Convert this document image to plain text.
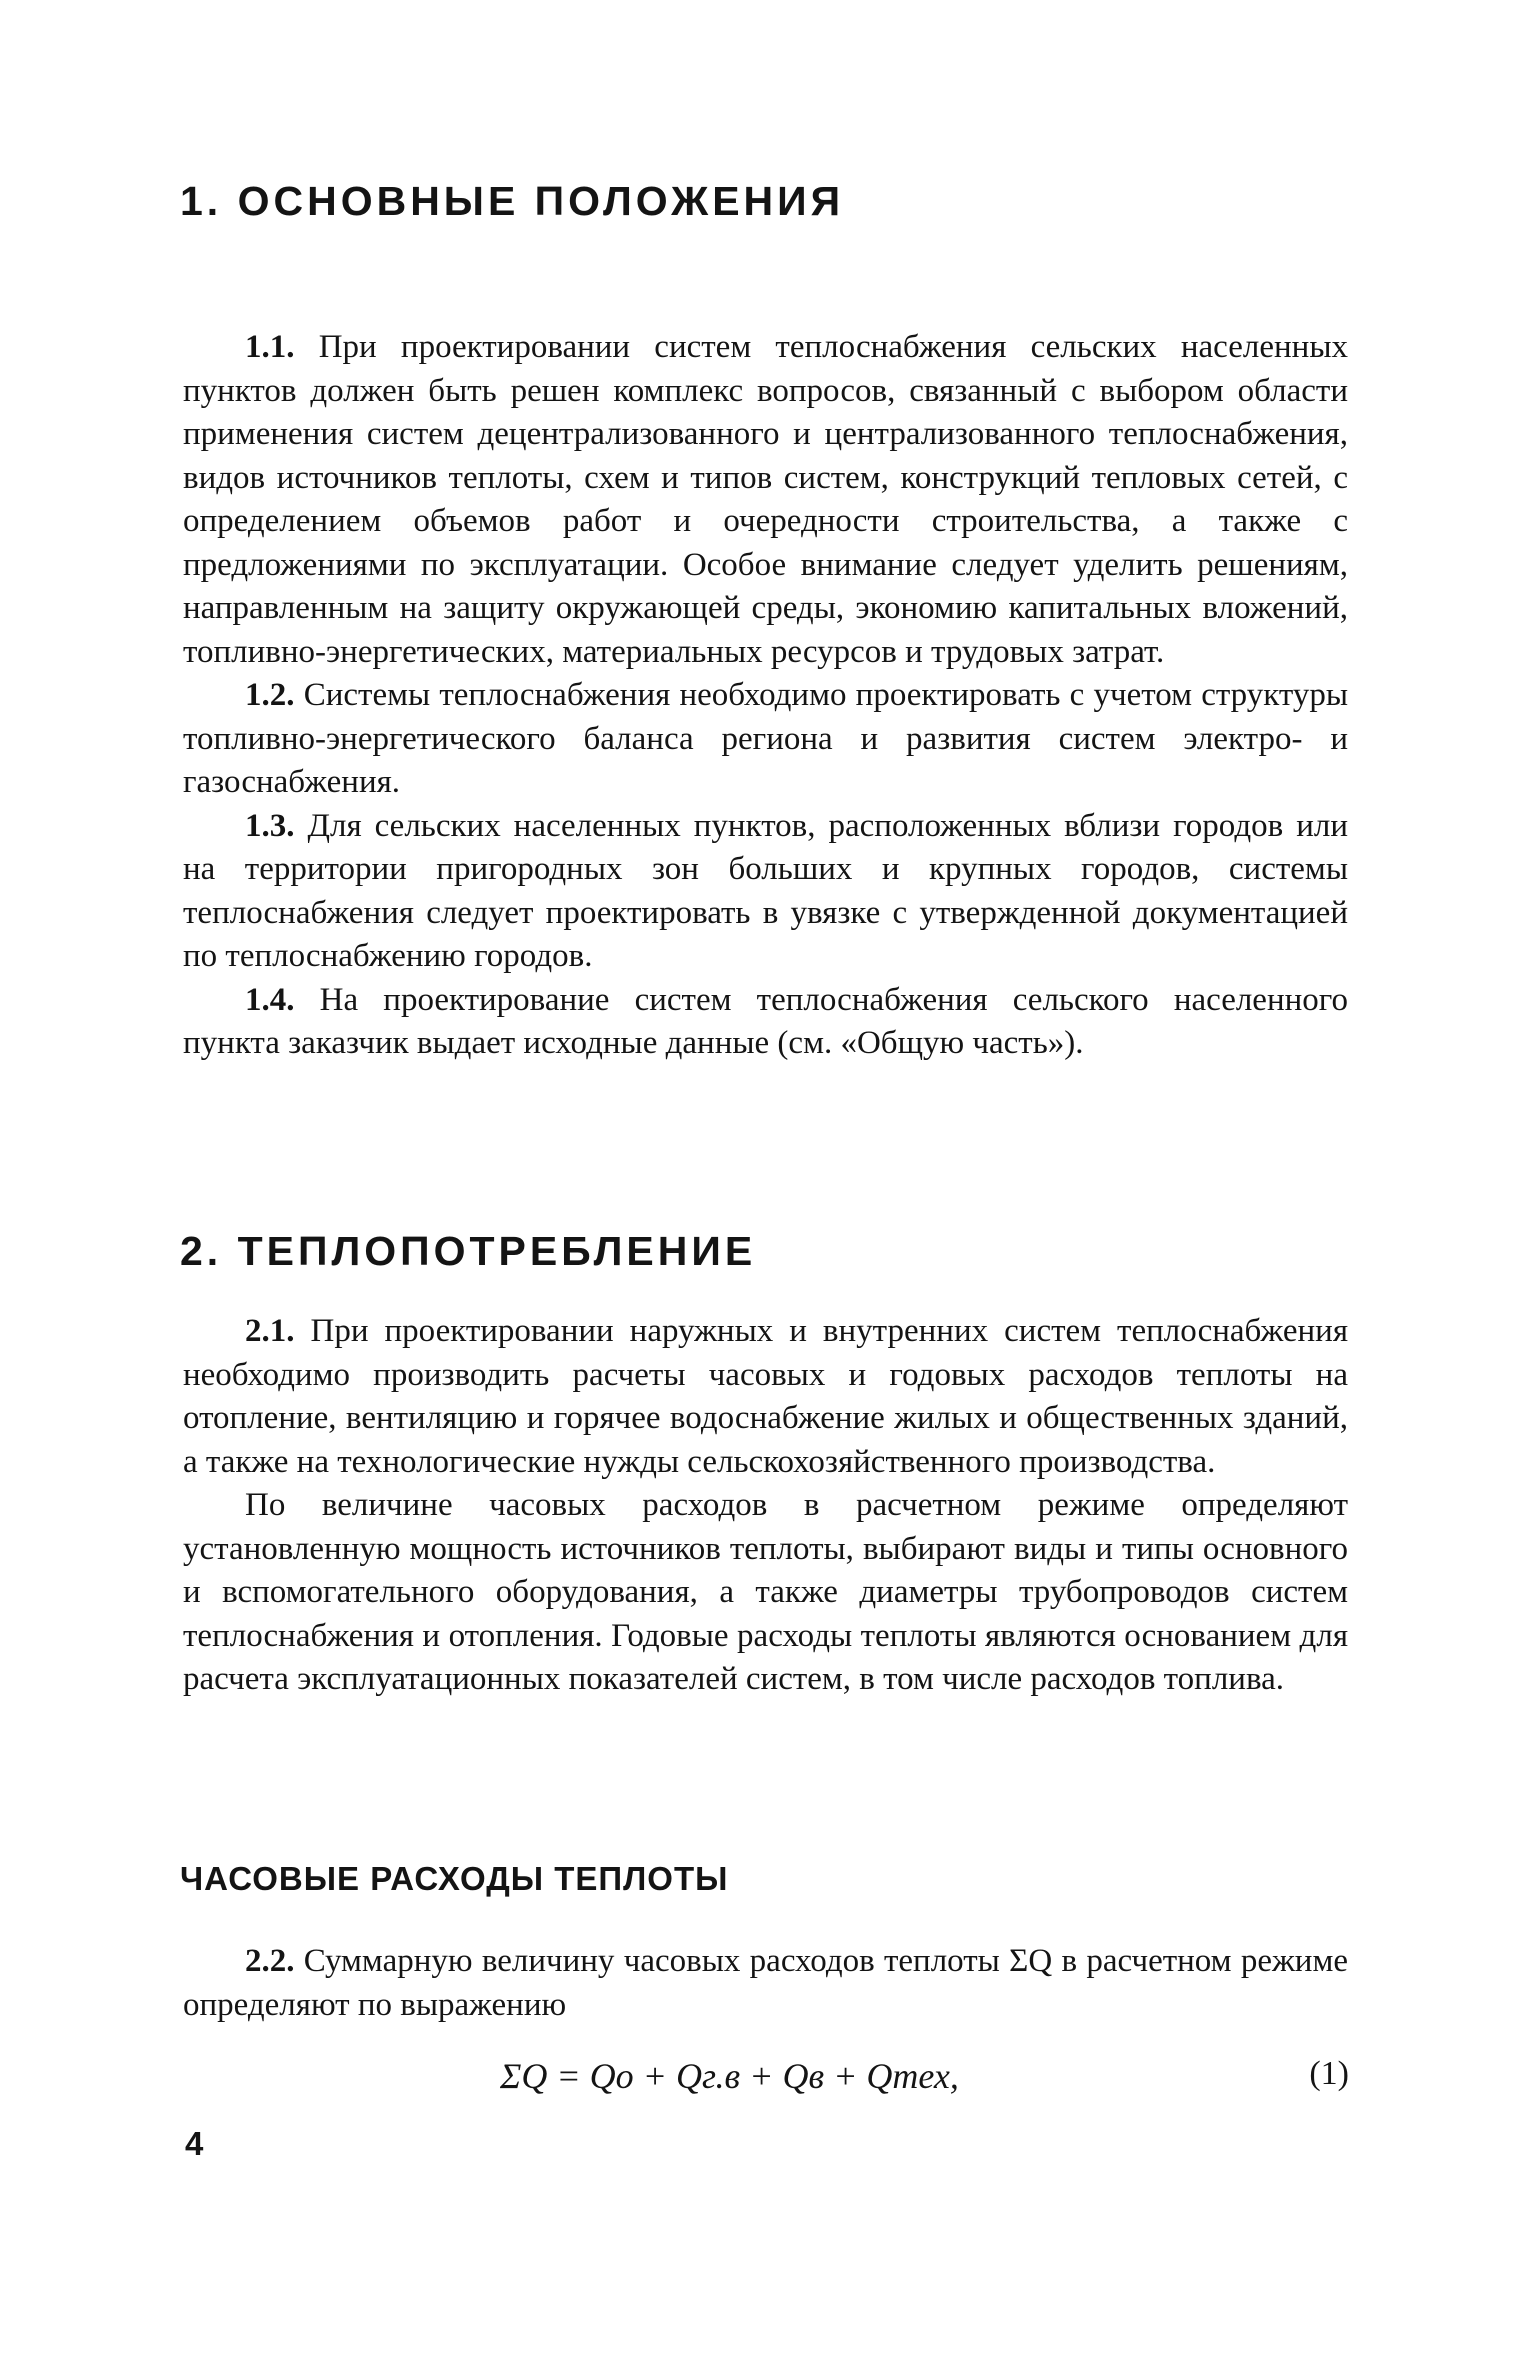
1. ОСНОВНЫЕ ПОЛОЖЕНИЯ

1.1. При проектировании систем теплоснабжения сельских населенных пунктов должен быть решен комплекс вопросов, связанный с выбором области применения систем децентрализованного и централизованного теплоснабжения, видов источников теплоты, схем и типов систем, конструкций тепловых сетей, с определением объемов работ и очередности строительства, а также с предложениями по эксплуатации. Особое внимание следует уделить решениям, направленным на защиту окружающей среды, экономию капитальных вложений, топливно-энергетических, материальных ресурсов и трудовых затрат.

1.2. Системы теплоснабжения необходимо проектировать с учетом структуры топливно-энергетического баланса региона и развития систем электро- и газоснабжения.

1.3. Для сельских населенных пунктов, расположенных вблизи городов или на территории пригородных зон больших и крупных городов, системы теплоснабжения следует проектировать в увязке с утвержденной документацией по теплоснабжению городов.

1.4. На проектирование систем теплоснабжения сельского населенного пункта заказчик выдает исходные данные (см. «Общую часть»).

2. ТЕПЛОПОТРЕБЛЕНИЕ

2.1. При проектировании наружных и внутренних систем теплоснабжения необходимо производить расчеты часовых и годовых расходов теплоты на отопление, вентиляцию и горячее водоснабжение жилых и общественных зданий, а также на технологические нужды сельскохозяйственного производства.

По величине часовых расходов в расчетном режиме определяют установленную мощность источников теплоты, выбирают виды и типы основного и вспомогательного оборудования, а также диаметры трубопроводов систем теплоснабжения и отопления. Годовые расходы теплоты являются основанием для расчета эксплуатационных показателей систем, в том числе расходов топлива.

ЧАСОВЫЕ РАСХОДЫ ТЕПЛОТЫ

2.2. Суммарную величину часовых расходов теплоты ΣQ в расчетном режиме определяют по выражению

ΣQ = Qо + Qг.в + Qв + Qтех,	(1)
4
